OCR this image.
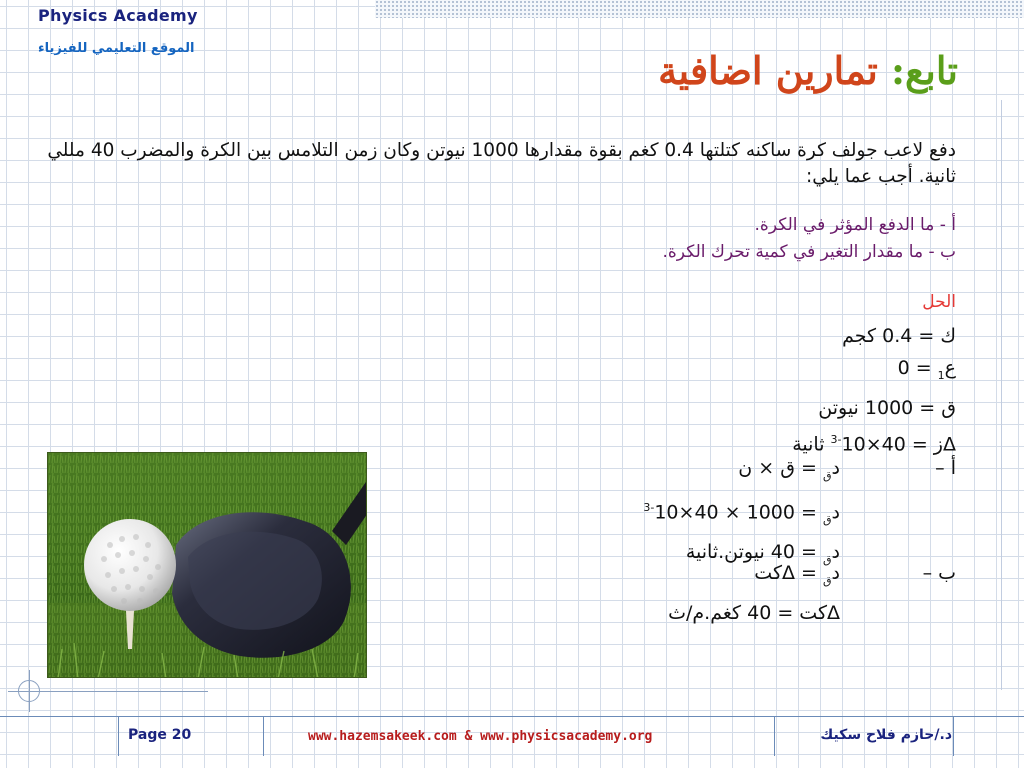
Physics Academy
الموقع التعليمي للفيزياء	تابع: تمارين اضافية
دفع لاعب جولف كرة ساكنه كتلتها 0.4 كغم بقوة مقدارها 1000 نيوتن وكان زمن التلامس بين الكرة والمضرب 40 مللي ثانية. أجب عما يلي:
أ - ما الدفع المؤثر في الكرة.
ب - ما مقدار التغير في كمية تحرك الكرة.
الحل
ك = 0.4 كجم
ع$_1$ = 0
ق = 1000 نيوتن
Δز = $40\times 10^{-3}$ ثانية
أ –د$_ق$ = ق × ن
د$_ق$ = $1000 \times 40\times 10^{-3}$
د$_ق$ = 40 نيوتن.ثانية
ب –د$_ق$ = Δكت
Δكت = 40 كغم.م/ث
Page 20	www.hazemsakeek.com & www.physicsacademy.org	د./حازم فلاح سكيك
